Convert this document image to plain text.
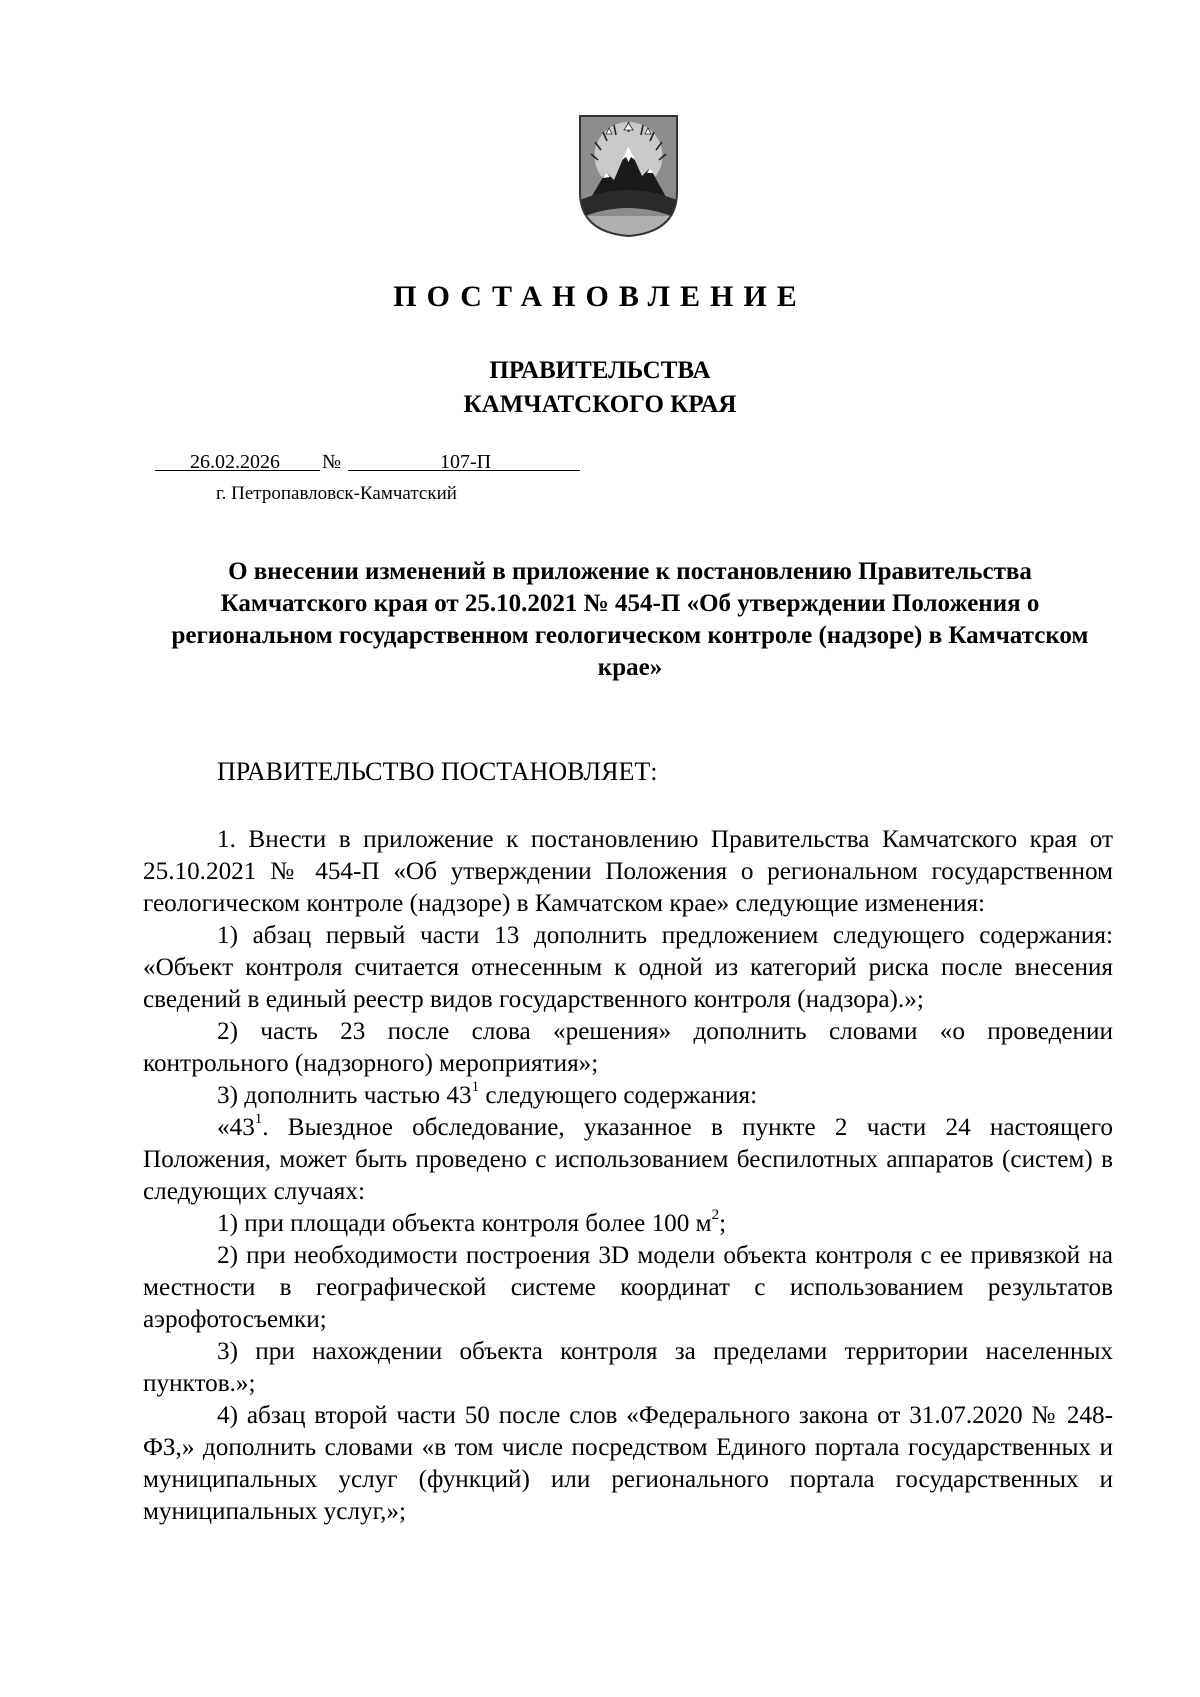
ПОСТАНОВЛЕНИЕ
ПРАВИТЕЛЬСТВА
КАМЧАТСКОГО КРАЯ
26.02.2026 №	107-П
г. Петропавловск-Камчатский
О внесении изменений в приложение к постановлению Правительства Камчатского края от 25.10.2021 № 454-П «Об утверждении Положения о региональном государственном геологическом контроле (надзоре) в Камчатском крае»
ПРАВИТЕЛЬСТВО ПОСТАНОВЛЯЕТ:

1. Внести в приложение к постановлению Правительства Камчатского края от 25.10.2021 № 454-П «Об утверждении Положения о региональном государственном геологическом контроле (надзоре) в Камчатском крае» следующие изменения:

1) абзац первый части 13 дополнить предложением следующего содержания: «Объект контроля считается отнесенным к одной из категорий риска после внесения сведений в единый реестр видов государственного контроля (надзора).»;

2) часть 23 после слова «решения» дополнить словами «о проведении контрольного (надзорного) мероприятия»;

3) дополнить частью $43^1$ следующего содержания:

«$43^1$. Выездное обследование, указанное в пункте 2 части 24 настоящего Положения, может быть проведено с использованием беспилотных аппаратов (систем) в следующих случаях:

1) при площади объекта контроля более 100 $м^2$;

2) при необходимости построения 3D модели объекта контроля с ее привязкой на местности в географической системе координат с использованием результатов аэрофотосъемки;

3) при нахождении объекта контроля за пределами территории населенных пунктов.»;

4) абзац второй части 50 после слов «Федерального закона от 31.07.2020 № 248-ФЗ,» дополнить словами «в том числе посредством Единого портала государственных и муниципальных услуг (функций) или регионального портала государственных и муниципальных услуг,»;
